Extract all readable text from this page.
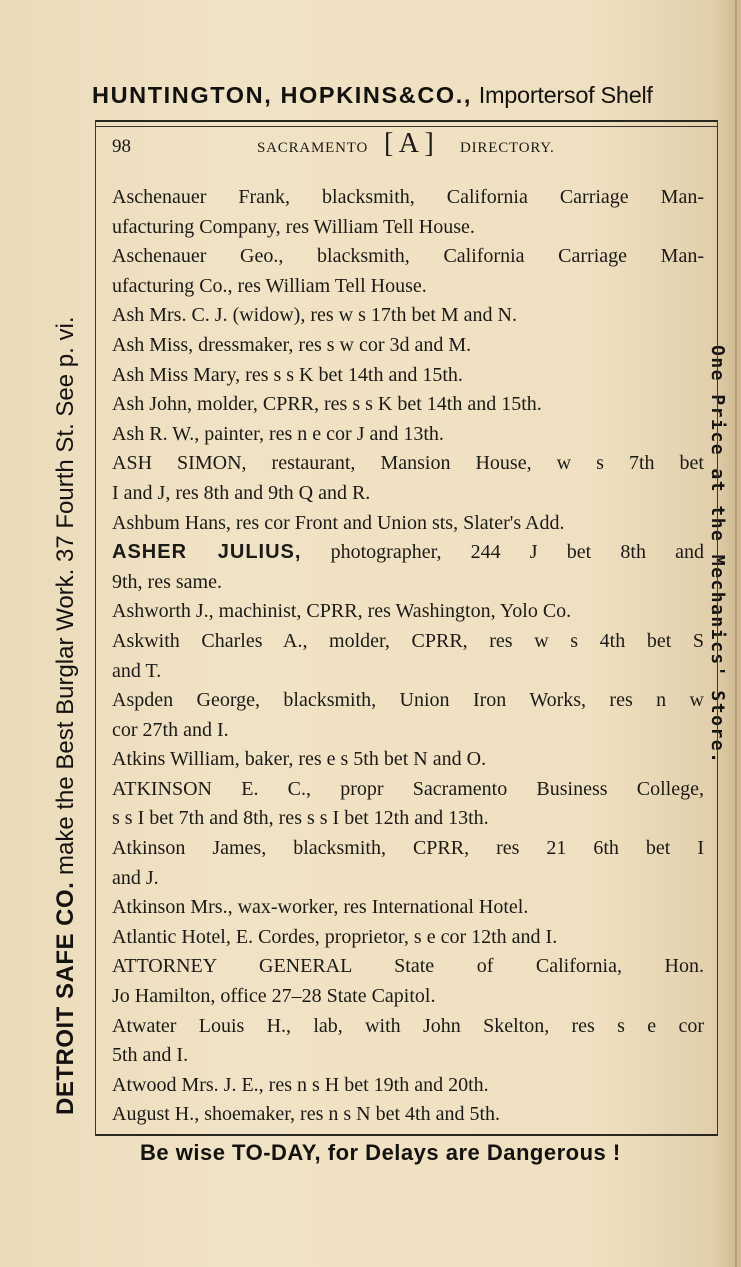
HUNTINGTON, HOPKINS&CO., Importersof Shelf
DETROIT SAFE CO. make the Best Burglar Work. 37 Fourth St. See p. vi.	One Price at the Mechanics' Store.
98	SACRAMENTO [ A ] DIRECTORY.
Aschenauer Frank, blacksmith, California Carriage Man-
ufacturing Company, res William Tell House.
Aschenauer Geo., blacksmith, California Carriage Man-
ufacturing Co., res William Tell House.
Ash Mrs. C. J. (widow), res w s 17th bet M and N.
Ash Miss, dressmaker, res s w cor 3d and M.
Ash Miss Mary, res s s K bet 14th and 15th.
Ash John, molder, CPRR, res s s K bet 14th and 15th.
Ash R. W., painter, res n e cor J and 13th.
ASH SIMON, restaurant, Mansion House, w s 7th bet
I and J, res 8th and 9th Q and R.
Ashbum Hans, res cor Front and Union sts, Slater's Add.
ASHER JULIUS, photographer, 244 J bet 8th and
9th, res same.
Ashworth J., machinist, CPRR, res Washington, Yolo Co.
Askwith Charles A., molder, CPRR, res w s 4th bet S
and T.
Aspden George, blacksmith, Union Iron Works, res n w
cor 27th and I.
Atkins William, baker, res e s 5th bet N and O.
ATKINSON E. C., propr Sacramento Business College,
s s I bet 7th and 8th, res s s I bet 12th and 13th.
Atkinson James, blacksmith, CPRR, res 21 6th bet I
and J.
Atkinson Mrs., wax-worker, res International Hotel.
Atlantic Hotel, E. Cordes, proprietor, s e cor 12th and I.
ATTORNEY GENERAL State of California, Hon.
Jo Hamilton, office 27–28 State Capitol.
Atwater Louis H., lab, with John Skelton, res s e cor
5th and I.
Atwood Mrs. J. E., res n s H bet 19th and 20th.
August H., shoemaker, res n s N bet 4th and 5th.
Be wise TO-DAY, for Delays are Dangerous !
